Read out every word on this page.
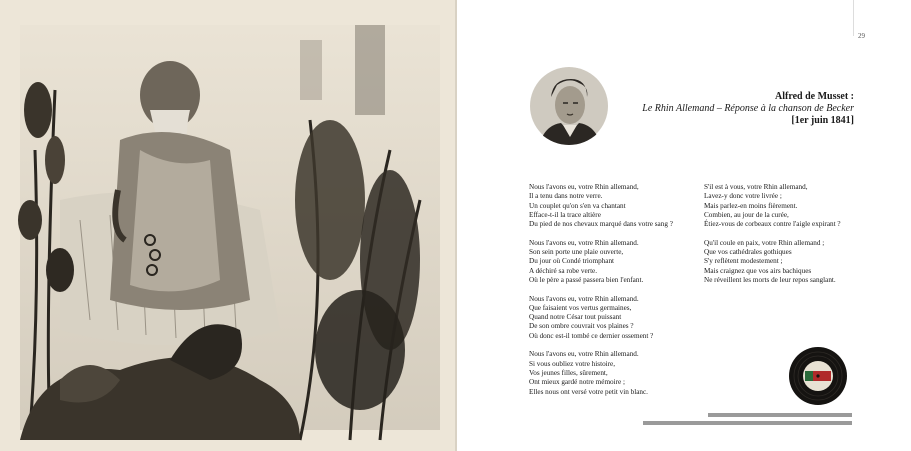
29
Alfred de Musset :
Le Rhin Allemand – Réponse à la chanson de Becker
[1er juin 1841]
Nous l'avons eu, votre Rhin allemand,
Il a tenu dans notre verre.
Un couplet qu'on s'en va chantant
Efface-t-il la trace altière
Du pied de nos chevaux marqué dans votre sang ?
Nous l'avons eu, votre Rhin allemand.
Son sein porte une plaie ouverte,
Du jour où Condé triomphant
A déchiré sa robe verte.
Où le père a passé passera bien l'enfant.
Nous l'avons eu, votre Rhin allemand.
Que faisaient vos vertus germaines,
Quand notre César tout puissant
De son ombre couvrait vos plaines ?
Où donc est-il tombé ce dernier ossement ?
Nous l'avons eu, votre Rhin allemand.
Si vous oubliez votre histoire,
Vos jeunes filles, sûrement,
Ont mieux gardé notre mémoire ;
Elles nous ont versé votre petit vin blanc.
S'il est à vous, votre Rhin allemand,
Lavez-y donc votre livrée ;
Mais parlez-en moins fièrement.
Combien, au jour de la curée,
Étiez-vous de corbeaux contre l'aigle expirant ?
Qu'il coule en paix, votre Rhin allemand ;
Que vos cathédrales gothiques
S'y reflètent modestement ;
Mais craignez que vos airs bachiques
Ne réveillent les morts de leur repos sanglant.
